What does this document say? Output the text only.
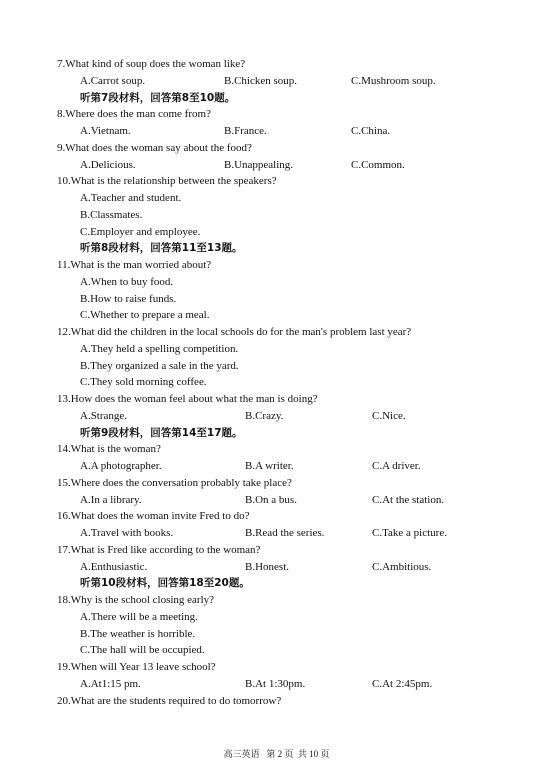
7.What kind of soup does the woman like?
A.Carrot soup.	B.Chicken soup.	C.Mushroom soup.
听第7段材料，回答第8至10题。
8.Where does the man come from?
A.Vietnam.	B.France.	C.China.
9.What does the woman say about the food?
A.Delicious.	B.Unappealing.	C.Common.
10.What is the relationship between the speakers?
A.Teacher and student.
B.Classmates.
C.Employer and employee.
听第8段材料，回答第11至13题。
11.What is the man worried about?
A.When to buy food.
B.How to raise funds.
C.Whether to prepare a meal.
12.What did the children in the local schools do for the man's problem last year?
A.They held a spelling competition.
B.They organized a sale in the yard.
C.They sold morning coffee.
13.How does the woman feel about what the man is doing?
A.Strange.	B.Crazy.	C.Nice.
听第9段材料，回答第14至17题。
14.What is the woman?
A.A photographer.	B.A writer.	C.A driver.
15.Where does the conversation probably take place?
A.In a library.	B.On a bus.	C.At the station.
16.What does the woman invite Fred to do?
A.Travel with books.	B.Read the series.	C.Take a picture.
17.What is Fred like according to the woman?
A.Enthusiastic.	B.Honest.	C.Ambitious.
听第10段材料，回答第18至20题。
18.Why is the school closing early?
A.There will be a meeting.
B.The weather is horrible.
C.The hall will be occupied.
19.When will Year 13 leave school?
A.At1:15 pm.	B.At 1:30pm.	C.At 2:45pm.
20.What are the students required to do tomorrow?
高三英语   第 2 页  共 10 页
